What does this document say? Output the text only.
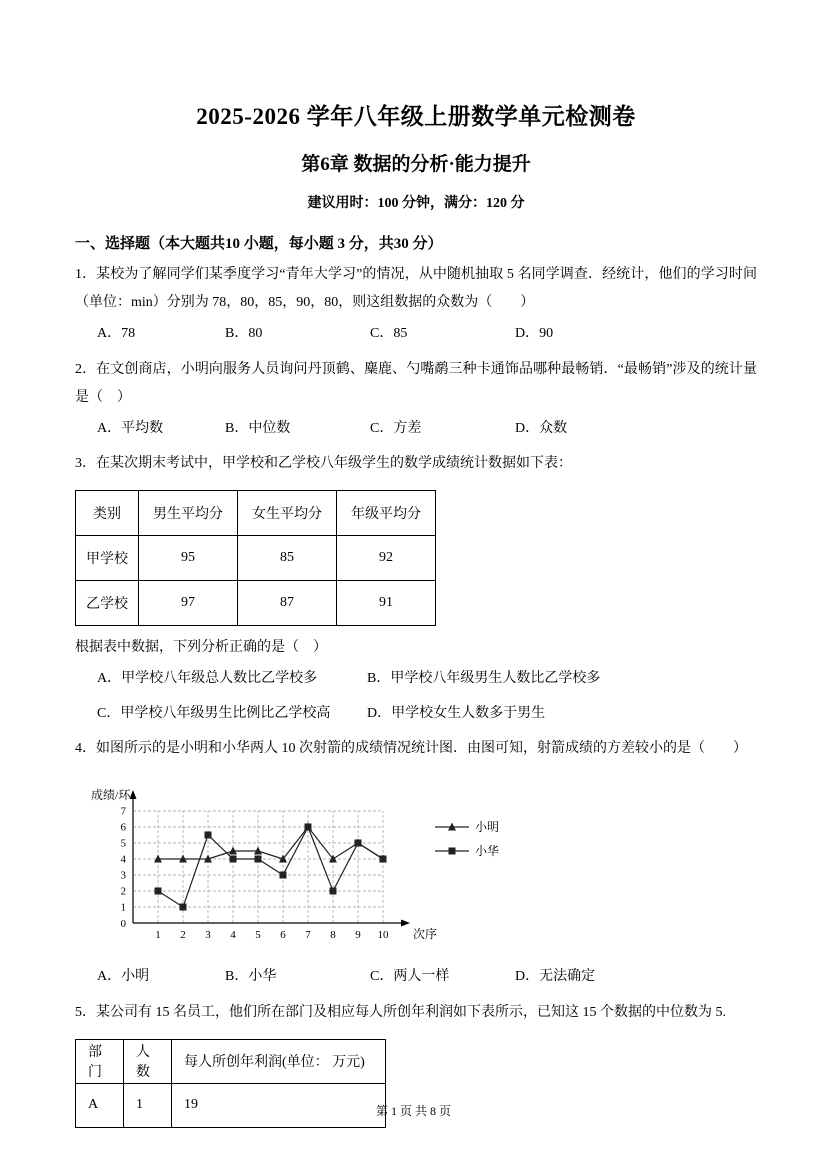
2025-2026 学年八年级上册数学单元检测卷
第6章 数据的分析·能力提升
建议用时：100 分钟，满分：120 分
一、选择题（本大题共10 小题，每小题 3 分，共30 分）

1．某校为了解同学们某季度学习“青年大学习”的情况，从中随机抽取 5 名同学调查．经统计，他们的学习时间（单位：min）分别为 78，80，85，90，80，则这组数据的众数为（　　）

A．78	B．80	C．85	D．90

2．在文创商店，小明向服务人员询问丹顶鹤、麋鹿、勺嘴鹬三种卡通饰品哪种最畅销．“最畅销”涉及的统计量是（　）

A．平均数	B．中位数	C．方差	D．众数

3．在某次期末考试中，甲学校和乙学校八年级学生的数学成绩统计数据如下表：

类别	男生平均分	女生平均分	年级平均分
甲学校	95	85	92
乙学校	97	87	91

根据表中数据，下列分析正确的是（　）

A．甲学校八年级总人数比乙学校多	B．甲学校八年级男生人数比乙学校多
C．甲学校八年级男生比例比乙学校高	D．甲学校女生人数多于男生

4．如图所示的是小明和小华两人 10 次射箭的成绩情况统计图．由图可知，射箭成绩的方差较小的是（　　）

1
2
3
4
5
6
7
0
1 2 3 4 5 6 7 8 9 10
成绩/环
次序
小明
小华
A．小明	B．小华	C．两人一样	D．无法确定

5．某公司有 15 名员工，他们所在部门及相应每人所创年利润如下表所示，已知这 15 个数据的中位数为 5.

部门	人数	每人所创年利润(单位： 万元)
A	1	19	第 1 页 共 8 页
